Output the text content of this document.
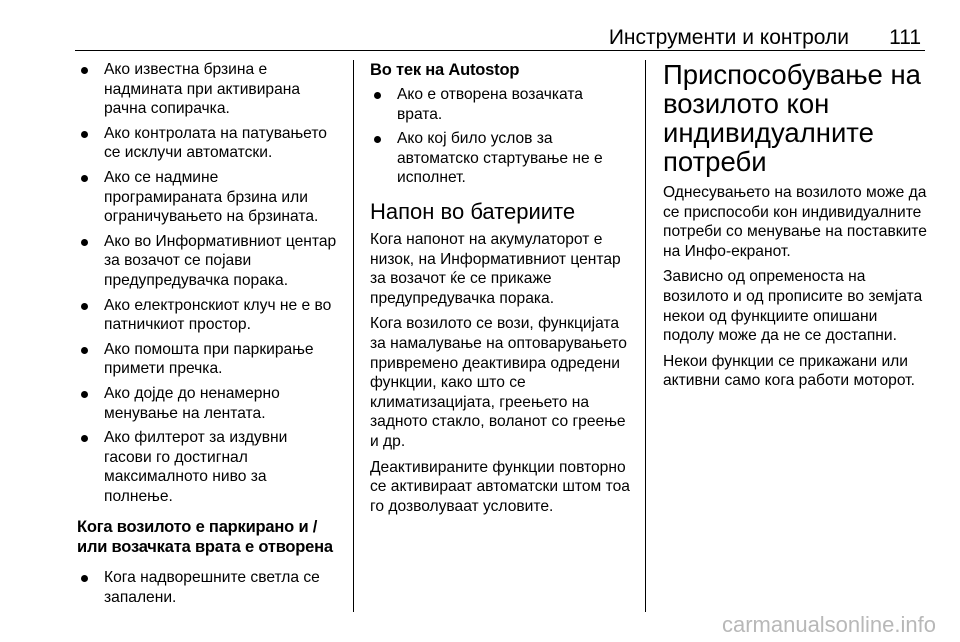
Инструменти и контроли 111
Ако известна брзина е надмината при активирана рачна сопирачка.
Ако контролата на патувањето се исклучи автоматски.
Ако се надмине програмираната брзина или ограничувањето на брзината.
Ако во Информативниот центар за возачот се појави предупредувачка порака.
Ако електронскиот клуч не е во патничкиот простор.
Ако помошта при паркирање примети пречка.
Ако дојде до ненамерно менување на лентата.
Ако филтерот за издувни гасови го достигнал максималното ниво за полнење.
Кога возилото е паркирано и / или возачката врата е отворена
Кога надворешните светла се запалени.
Во тек на Autostop
Ако е отворена возачката врата.
Ако кој било услов за автоматско стартување не е исполнет.
Напон во батериите

Кога напонот на акумулаторот е низок, на Информативниот центар за возачот ќе се прикаже предупредувачка порака.

Кога возилото се вози, функцијата за намалување на оптоварувањето привремено деактивира одредени функции, како што се климатизацијата, греењето на задното стакло, воланот со греење и др.

Деактивираните функции повторно се активираат автоматски штом тоа го дозволуваат условите.

Приспособување на возилото кон индивидуалните потреби

Однесувањето на возилото може да се приспособи кон индивидуалните потреби со менување на поставките на Инфо-екранот.

Зависно од опременоста на возилото и од прописите во земјата некои од функциите опишани подолу може да не се достапни.

Некои функции се прикажани или активни само кога работи моторот.

carmanualsonline.info
